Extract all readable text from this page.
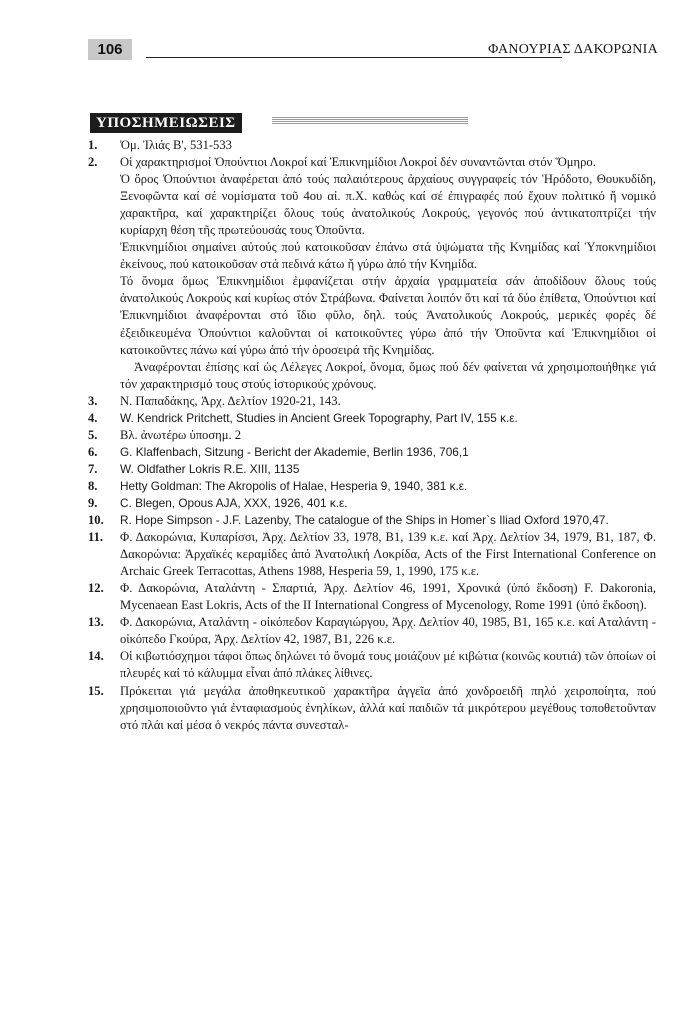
106	ΦΑΝΟΥΡΙΑΣ ΔΑΚΟΡΩΝΙΑ
ΥΠΟΣΗΜΕΙΩΣΕΙΣ
1. Ὀμ. Ἰλιάς Β', 531-533

2. Οἱ χαρακτηρισμοί Ὀπούντιοι Λοκροί καί Ἐπικνημίδιοι Λοκροί δέν συναντῶνται στόν Ὅμηρο.

Ὁ ὅρος Ὀπούντιοι ἀναφέρεται ἀπό τούς παλαιότερους ἀρχαίους συγγραφείς τόν Ἡρόδοτο, Θουκυδίδη, Ξενοφῶντα καί σέ νομίσματα τοῦ 4ου αἰ. π.Χ. καθώς καί σέ ἐπιγραφές πού ἔχουν πολιτικό ἤ νομικό χαρακτῆρα, καί χαρακτηρίζει ὅλους τούς ἀνατολικούς Λοκρούς, γεγονός πού ἀντικατοπτρίζει τήν κυρίαρχη θέση τῆς πρωτεύουσάς τους Ὀποῦντα.

Ἐπικνημίδιοι σημαίνει αὐτούς πού κατοικοῦσαν ἐπάνω στά ὑψώματα τῆς Κνημίδας καί Ὑποκνημίδιοι ἐκείνους, πού κατοικοῦσαν στά πεδινά κάτω ἤ γύρω ἀπό τήν Κνημίδα.

Τό ὄνομα ὅμως Ἐπικνημίδιοι ἐμφανίζεται στήν ἀρχαία γραμματεία σάν ἀποδίδουν ὅλους τούς ἀνατολικούς Λοκρούς καί κυρίως στόν Στράβωνα. Φαίνεται λοιπόν ὅτι καί τά δύο ἐπίθετα, Ὀπούντιοι καί Ἐπικνημίδιοι ἀναφέρονται στό ἴδιο φῦλο, δηλ. τούς Ἀνατολικούς Λοκρούς, μερικές φορές δέ ἐξειδικευμένα Ὀπούντιοι καλοῦνται οἱ κατοικοῦντες γύρω ἀπό τήν Ὀποῦντα καί Ἐπικνημίδιοι οἱ κατοικοῦντες πάνω καί γύρω ἀπό τήν ὀροσειρά τῆς Κνημίδας.

Ἀναφέρονται ἐπίσης καί ὡς Λέλεγες Λοκροί, ὄνομα, ὅμως πού δέν φαίνεται νά χρησιμοποιήθηκε γιά τόν χαρακτηρισμό τους στούς ἱστορικούς χρόνους.

3. Ν. Παπαδάκης, Ἀρχ. Δελτίον 1920-21, 143.

4. W. Kendrick Pritchett, Studies in Ancient Greek Topography, Part IV, 155 κ.ε.

5. Βλ. ἀνωτέρω ὑποσημ. 2

6. G. Klaffenbach, Sitzung - Bericht der Akademie, Berlin 1936, 706,1

7. W. Oldfather Lokris R.E. XIII, 1135

8. Hetty Goldman: The Akropolis of Halae, Hesperia 9, 1940, 381 κ.ε.

9. C. Blegen, Opous AJA, XXX, 1926, 401 κ.ε.

10. R. Hope Simpson - J.F. Lazenby, The catalogue of the Ships in Homer`s Iliad Oxford 1970,47.

11. Φ. Δακορώνια, Κυπαρίσσι, Ἀρχ. Δελτίον 33, 1978, Β1, 139 κ.ε. καί Ἀρχ. Δελτίον 34, 1979, Β1, 187, Φ. Δακορώνια: Ἀρχαϊκές κεραμίδες ἀπό Ἀνατολική Λοκρίδα, Acts of the First International Conference on Archaic Greek Terracottas, Athens 1988, Hesperia 59, 1, 1990, 175 κ.ε.

12. Φ. Δακορώνια, Αταλάντη - Σπαρτιά, Ἀρχ. Δελτίον 46, 1991, Χρονικά (ὑπό ἔκδοση) F. Dakoronia, Mycenaean East Lokris, Acts of the II International Congress of Mycenology, Rome 1991 (ὑπό ἔκδοση).

13. Φ. Δακορώνια, Αταλάντη - οἰκόπεδον Καραγιώργου, Ἀρχ. Δελτίον 40, 1985, Β1, 165 κ.ε. καί Αταλάντη - οἰκόπεδο Γκούρα, Ἀρχ. Δελτίον 42, 1987, Β1, 226 κ.ε.

14. Οἱ κιβωτιόσχημοι τάφοι ὅπως δηλώνει τό ὄνομά τους μοιάζουν μέ κιβώτια (κοινῶς κουτιά) τῶν ὁποίων οἱ πλευρές καί τό κάλυμμα εἶναι ἀπό πλάκες λίθινες.

15. Πρόκειται γιά μεγάλα ἀποθηκευτικοῦ χαρακτῆρα ἀγγεῖα ἀπό χονδροειδῆ πηλό χειροποίητα, πού χρησιμοποιοῦντο γιά ἐνταφιασμούς ἐνηλίκων, ἀλλά καί παιδιῶν τά μικρότερου μεγέθους τοποθετοῦνταν στό πλάι καί μέσα ὁ νεκρός πάντα συνεσταλ-
